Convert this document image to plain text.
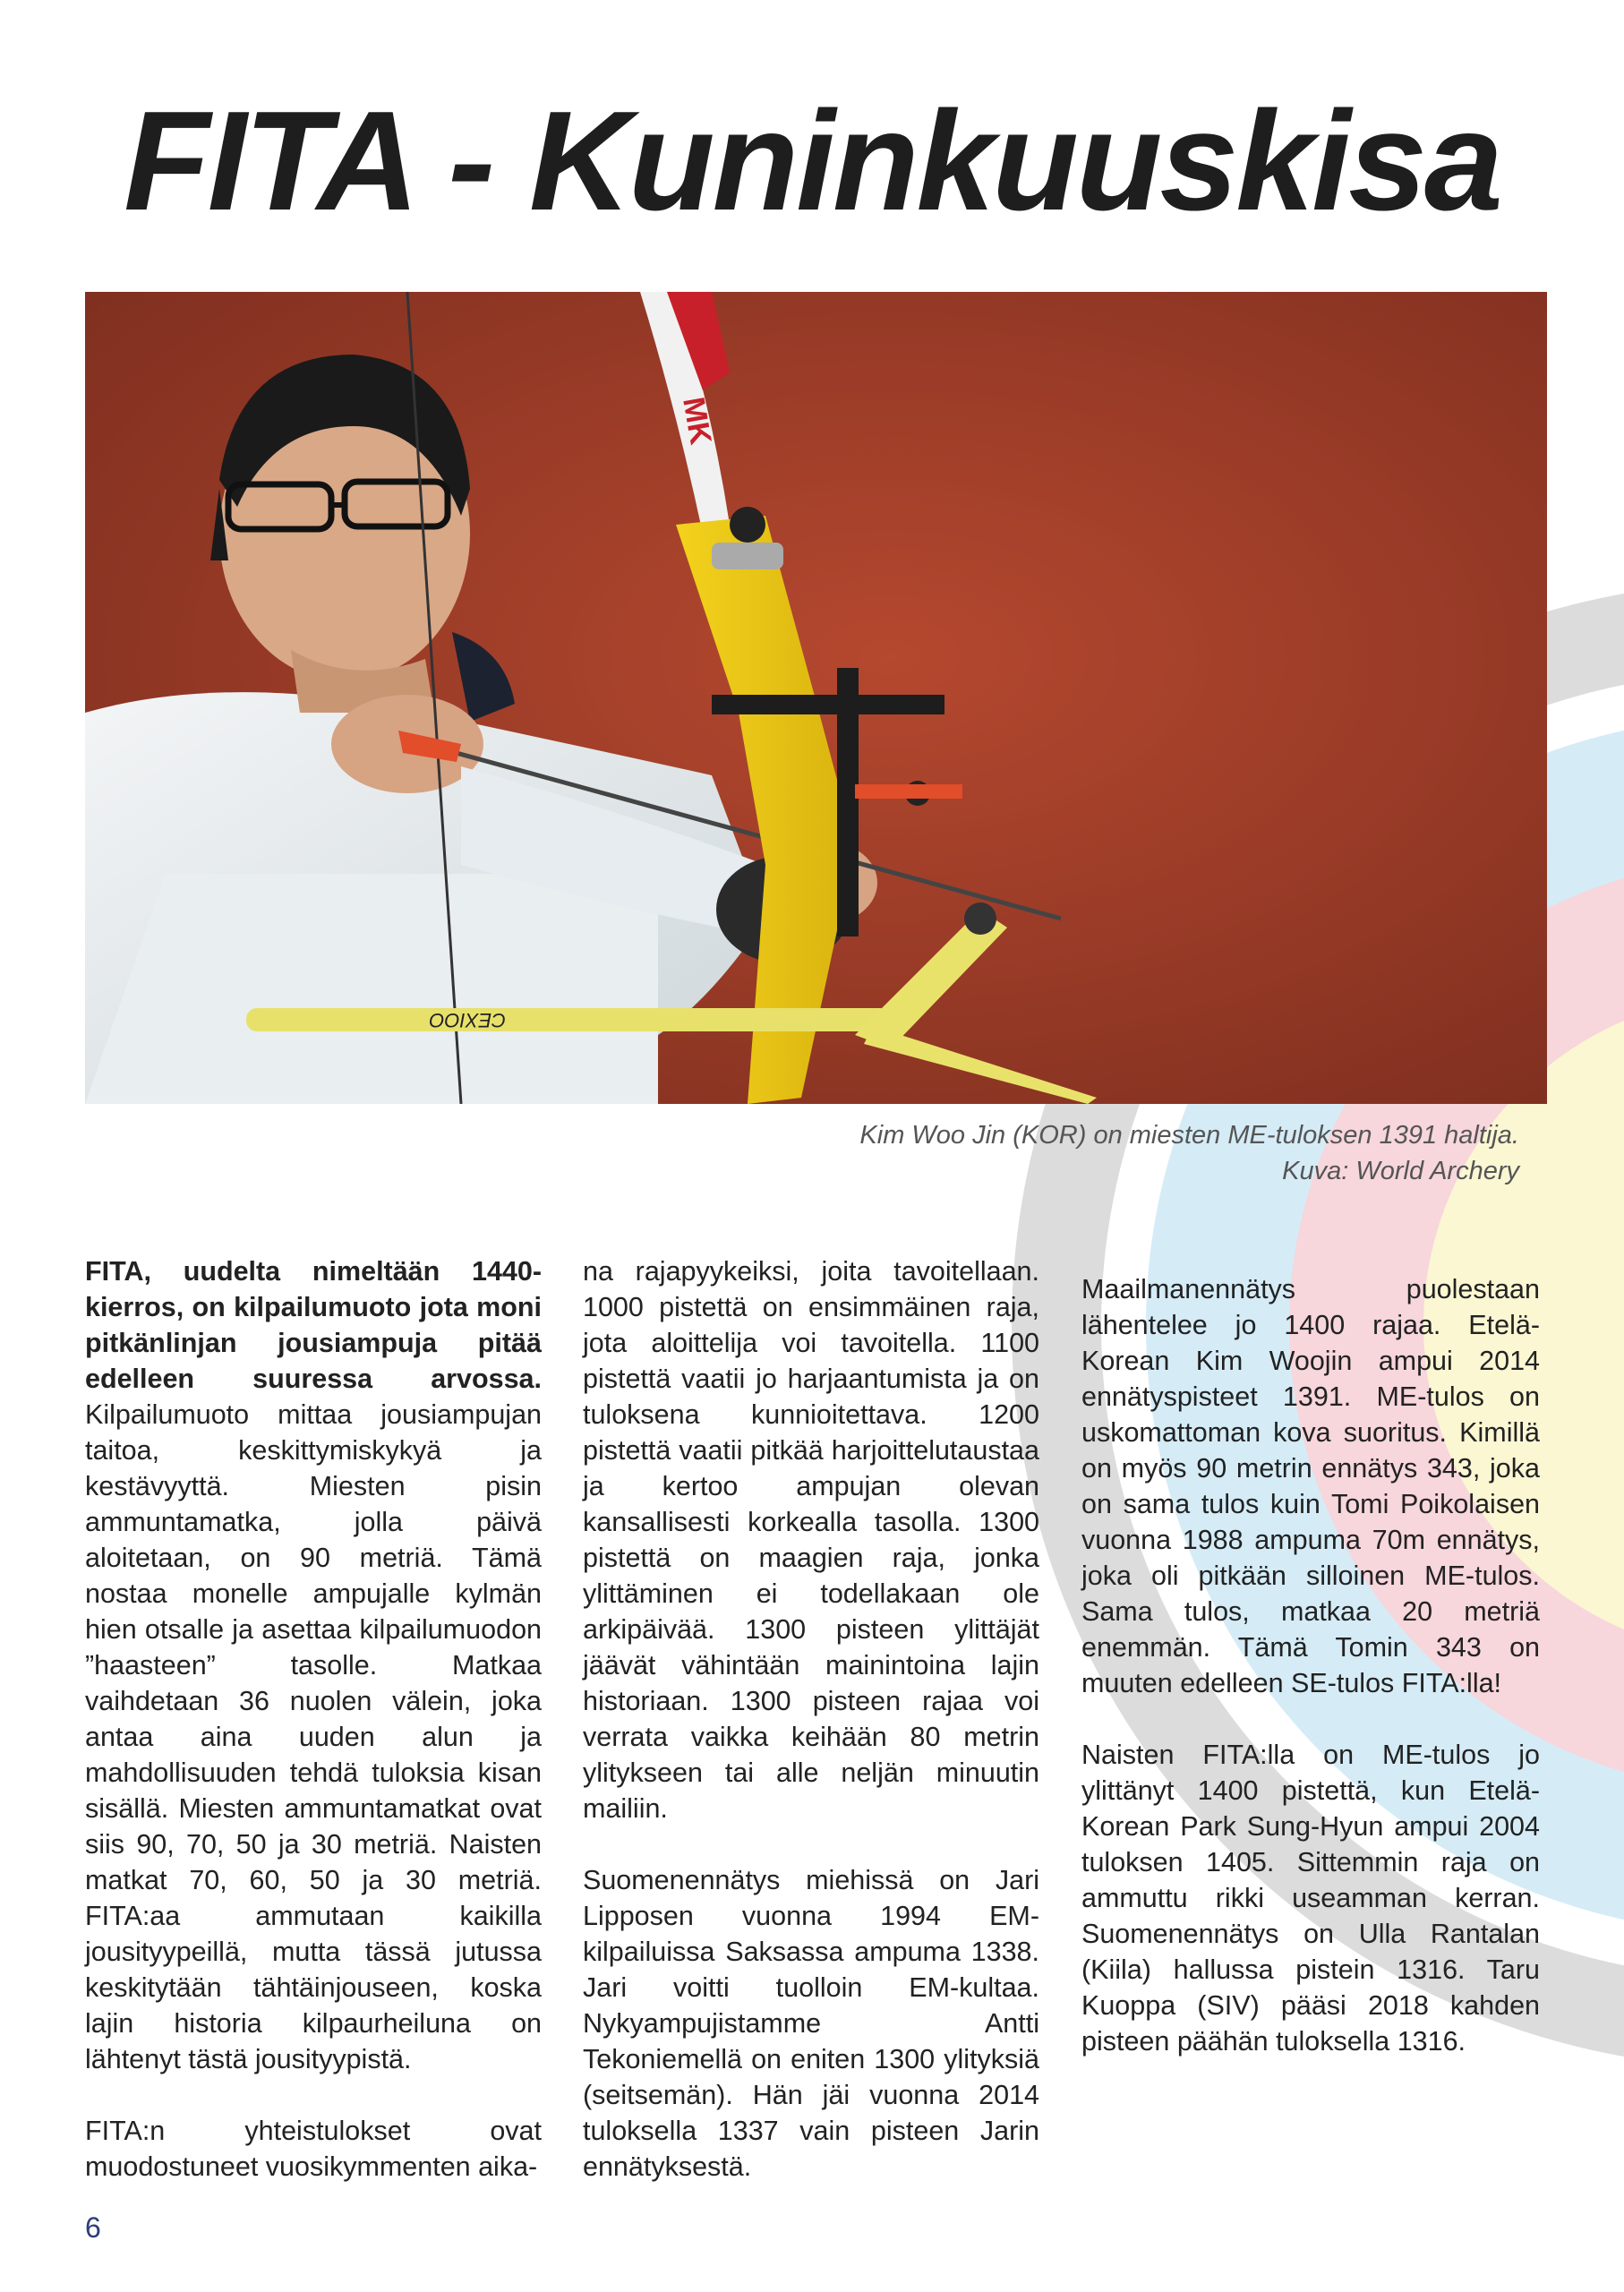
FITA - Kuninkuuskisa
MK
CEXIOO
Kim Woo Jin (KOR) on miesten ME-tuloksen 1391 haltija.
Kuva: World Archery

FITA, uudelta nimeltään 1440-kierros, on kilpailumuoto jota moni pitkänlinjan jousiampuja pitää edelleen suuressa arvossa. Kilpailumuoto mittaa jousiampujan taitoa, keskittymiskykyä ja kestävyyttä. Miesten pisin ammuntamatka, jolla päivä aloitetaan, on 90 metriä. Tämä nostaa monelle ampujalle kylmän hien otsalle ja asettaa kilpailumuodon ”haasteen” tasolle. Matkaa vaihdetaan 36 nuolen välein, joka antaa aina uuden alun ja mahdollisuuden tehdä tuloksia kisan sisällä. Miesten ammuntamatkat ovat siis 90, 70, 50 ja 30 metriä. Naisten matkat 70, 60, 50 ja 30 metriä. FITA:aa ammutaan kaikilla jousityypeillä, mutta tässä jutussa keskitytään tähtäinjouseen, koska lajin historia kilpaurheiluna on lähtenyt tästä jousityypistä.

FITA:n yhteistulokset ovat muodostuneet vuosikymmenten aika-

na rajapyykeiksi, joita tavoitellaan. 1000 pistettä on ensimmäinen raja, jota aloittelija voi tavoitella. 1100 pistettä vaatii jo harjaantumista ja on tuloksena kunnioitettava. 1200 pistettä vaatii pitkää harjoittelutaustaa ja kertoo ampujan olevan kansallisesti korkealla tasolla. 1300 pistettä on maagien raja, jonka ylittäminen ei todellakaan ole arkipäivää. 1300 pisteen ylittäjät jäävät vähintään mainintoina lajin historiaan. 1300 pisteen rajaa voi verrata vaikka keihään 80 metrin ylitykseen tai alle neljän minuutin mailiin.

Suomenennätys miehissä on Jari Lipposen vuonna 1994 EM-kilpailuissa Saksassa ampuma 1338. Jari voitti tuolloin EM-kultaa. Nykyampujistamme Antti Tekoniemellä on eniten 1300 ylityksiä (seitsemän). Hän jäi vuonna 2014 tuloksella 1337 vain pisteen Jarin ennätyksestä.

Maailmanennätys puolestaan lähentelee jo 1400 rajaa. Etelä-Korean Kim Woojin ampui 2014 ennätyspisteet 1391. ME-tulos on uskomattoman kova suoritus. Kimillä on myös 90 metrin ennätys 343, joka on sama tulos kuin Tomi Poikolaisen vuonna 1988 ampuma 70m ennätys, joka oli pitkään silloinen ME-tulos. Sama tulos, matkaa 20 metriä enemmän. Tämä Tomin 343 on muuten edelleen SE-tulos FITA:lla!

Naisten FITA:lla on ME-tulos jo ylittänyt 1400 pistettä, kun Etelä-Korean Park Sung-Hyun ampui 2004 tuloksen 1405. Sittemmin raja on ammuttu rikki useamman kerran. Suomenennätys on Ulla Rantalan (Kiila) hallussa pistein 1316. Taru Kuoppa (SIV) pääsi 2018 kahden pisteen päähän tuloksella 1316.

6
